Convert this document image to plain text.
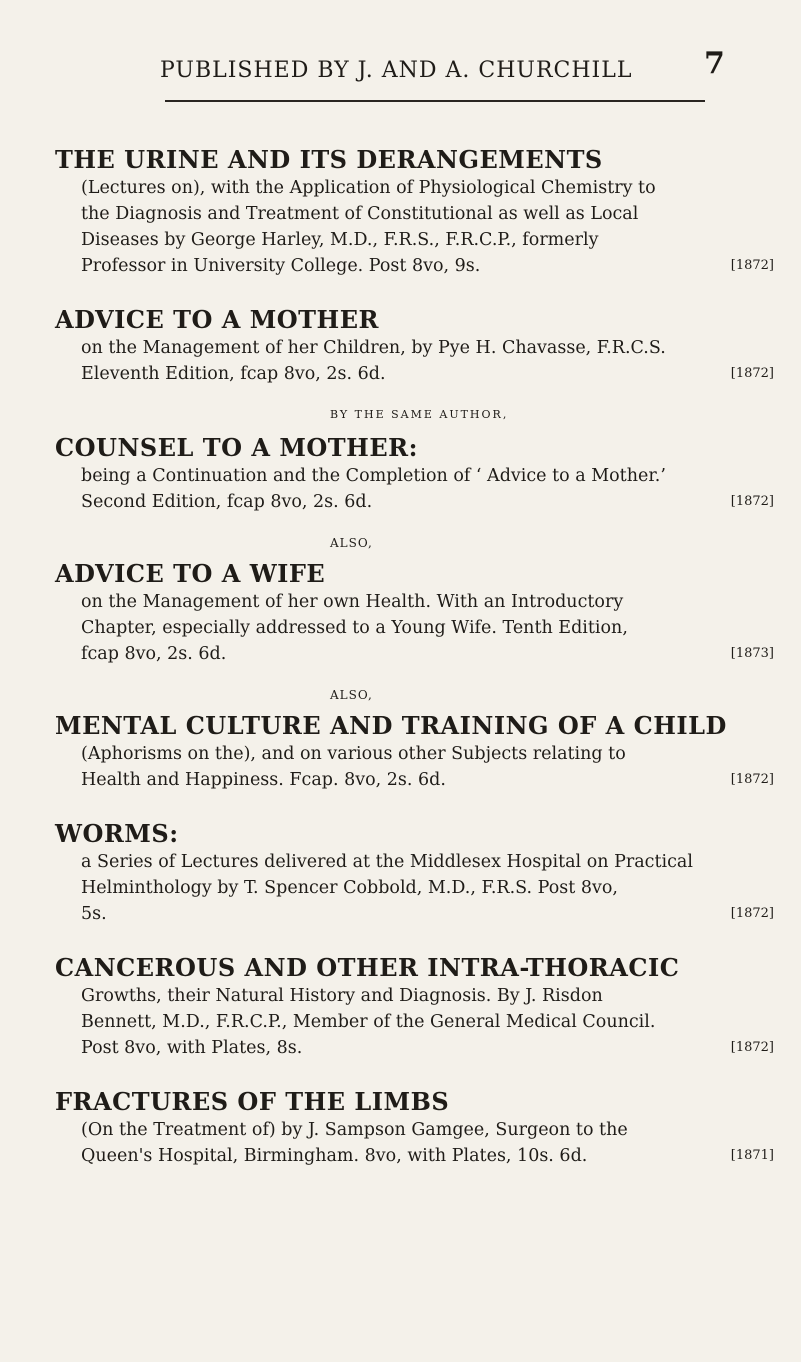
PUBLISHED BY J. AND A. CHURCHILL 7
THE URINE AND ITS DERANGEMENTS

(Lectures on), with the Application of Physiological Chemistry to

the Diagnosis and Treatment of Constitutional as well as Local

Diseases by George Harley, M.D., F.R.S., F.R.C.P., formerly

Professor in University College. Post 8vo, 9s.	[1872]

ADVICE TO A MOTHER

on the Management of her Children, by Pye H. Chavasse, F.R.C.S.

Eleventh Edition, fcap 8vo, 2s. 6d.	[1872]

BY THE SAME AUTHOR,
COUNSEL TO A MOTHER:

being a Continuation and the Completion of ‘ Advice to a Mother.’

Second Edition, fcap 8vo, 2s. 6d.	[1872]

ALSO,
ADVICE TO A WIFE

on the Management of her own Health. With an Introductory

Chapter, especially addressed to a Young Wife. Tenth Edition,

fcap 8vo, 2s. 6d.	[1873]

ALSO,
MENTAL CULTURE AND TRAINING OF A CHILD

(Aphorisms on the), and on various other Subjects relating to

Health and Happiness. Fcap. 8vo, 2s. 6d.	[1872]

WORMS:

a Series of Lectures delivered at the Middlesex Hospital on Practical

Helminthology by T. Spencer Cobbold, M.D., F.R.S. Post 8vo,

5s.	[1872]

CANCEROUS AND OTHER INTRA-THORACIC

Growths, their Natural History and Diagnosis. By J. Risdon

Bennett, M.D., F.R.C.P., Member of the General Medical Council.

Post 8vo, with Plates, 8s.	[1872]

FRACTURES OF THE LIMBS

(On the Treatment of) by J. Sampson Gamgee, Surgeon to the

Queen's Hospital, Birmingham. 8vo, with Plates, 10s. 6d.	[1871]
